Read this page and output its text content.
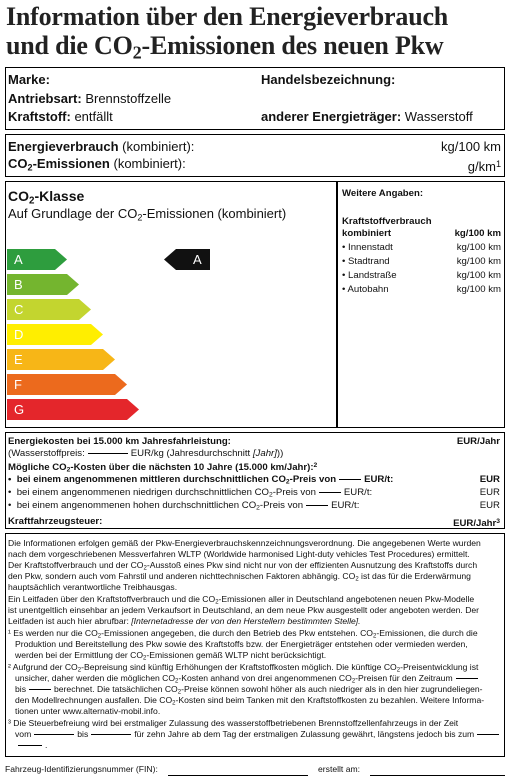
Information über den Energieverbrauch
und die $CO_2$-Emissionen des neuen Pkw
Marke:	Handelsbezeichnung:
Antriebsart: Brennstoffzelle
Kraftstoff: entfällt	anderer Energieträger: Wasserstoff
Energieverbrauch (kombiniert):	kg/100 km
$CO_2$-Emissionen (kombiniert):	$g/km^1$
$CO_2$-Klasse
Auf Grundlage der $CO_2$-Emissionen (kombiniert)
A
B
C
D
E
F
G
A
Weitere Angaben:
Kraftstoffverbrauch
kombiniert	kg/100 km
• Innenstadt	kg/100 km
• Stadtrand	kg/100 km
• Landstraße	kg/100 km
• Autobahn	kg/100 km
Energiekosten bei 15.000 km Jahresfahrleistung:	EUR/Jahr
(Wasserstoffpreis:	EUR/kg (Jahresdurchschnitt [Jahr]))
Mögliche $CO_2$-Kosten über die nächsten 10 Jahre (15.000 km/Jahr):$^2$
•  bei einem angenommenen mittleren durchschnittlichen $CO_2$-Preis von	EUR/t:	EUR
•  bei einem angenommenen niedrigen durchschnittlichen $CO_2$-Preis von	EUR/t:	EUR
•  bei einem angenommenen hohen durchschnittlichen $CO_2$-Preis von	EUR/t:	EUR
Kraftfahrzeugsteuer:	EUR/Jahr$^3$
Die Informationen erfolgen gemäß der Pkw-Energieverbrauchskennzeichnungsverordnung. Die angegebenen Werte wurden
nach dem vorgeschriebenen Messverfahren WLTP (Worldwide harmonised Light-duty vehicles Test Procedures) ermittelt.
Der Kraftstoffverbrauch und der $CO_2$-Ausstoß eines Pkw sind nicht nur von der effizienten Ausnutzung des Kraftstoffs durch
den Pkw, sondern auch vom Fahrstil und anderen nichttechnischen Faktoren abhängig. $CO_2$ ist das für die Erderwärmung
hauptsächlich verantwortliche Treibhausgas.
Ein Leitfaden über den Kraftstoffverbrauch und die $CO_2$-Emissionen aller in Deutschland angebotenen neuen Pkw-Modelle
ist unentgeltlich einsehbar an jedem Verkaufsort in Deutschland, an dem neue Pkw ausgestellt oder angeboten werden. Der
Leitfaden ist auch hier abrufbar: [Internetadresse der von den Herstellern bestimmten Stelle].
¹ Es werden nur die $CO_2$-Emissionen angegeben, die durch den Betrieb des Pkw entstehen. $CO_2$-Emissionen, die durch die
Produktion und Bereitstellung des Pkw sowie des Kraftstoffs bzw. der Energieträger entstehen oder vermieden werden,
werden bei der Ermittlung der $CO_2$-Emissionen gemäß WLTP nicht berücksichtigt.
² Aufgrund der $CO_2$-Bepreisung sind künftig Erhöhungen der Kraftstoffkosten möglich. Die künftige $CO_2$-Preisentwicklung ist
unsicher, daher werden die möglichen $CO_2$-Kosten anhand von drei angenommenen $CO_2$-Preisen für den Zeitraum
bis	berechnet. Die tatsächlichen $CO_2$-Preise können sowohl höher als auch niedriger als in den hier zugrundeliegen-
den Modellrechnungen ausfallen. Die $CO_2$-Kosten sind beim Tanken mit den Kraftstoffkosten zu bezahlen. Weitere Informa-
tionen unter www.alternativ-mobil.info.
³ Die Steuerbefreiung wird bei erstmaliger Zulassung des wasserstoffbetriebenen Brennstoffzellenfahrzeugs in der Zeit
vom	bis	für zehn Jahre ab dem Tag der erstmaligen Zulassung gewährt, längstens jedoch bis zum
.
Fahrzeug-Identifizierungsnummer (FIN):	erstellt am:
